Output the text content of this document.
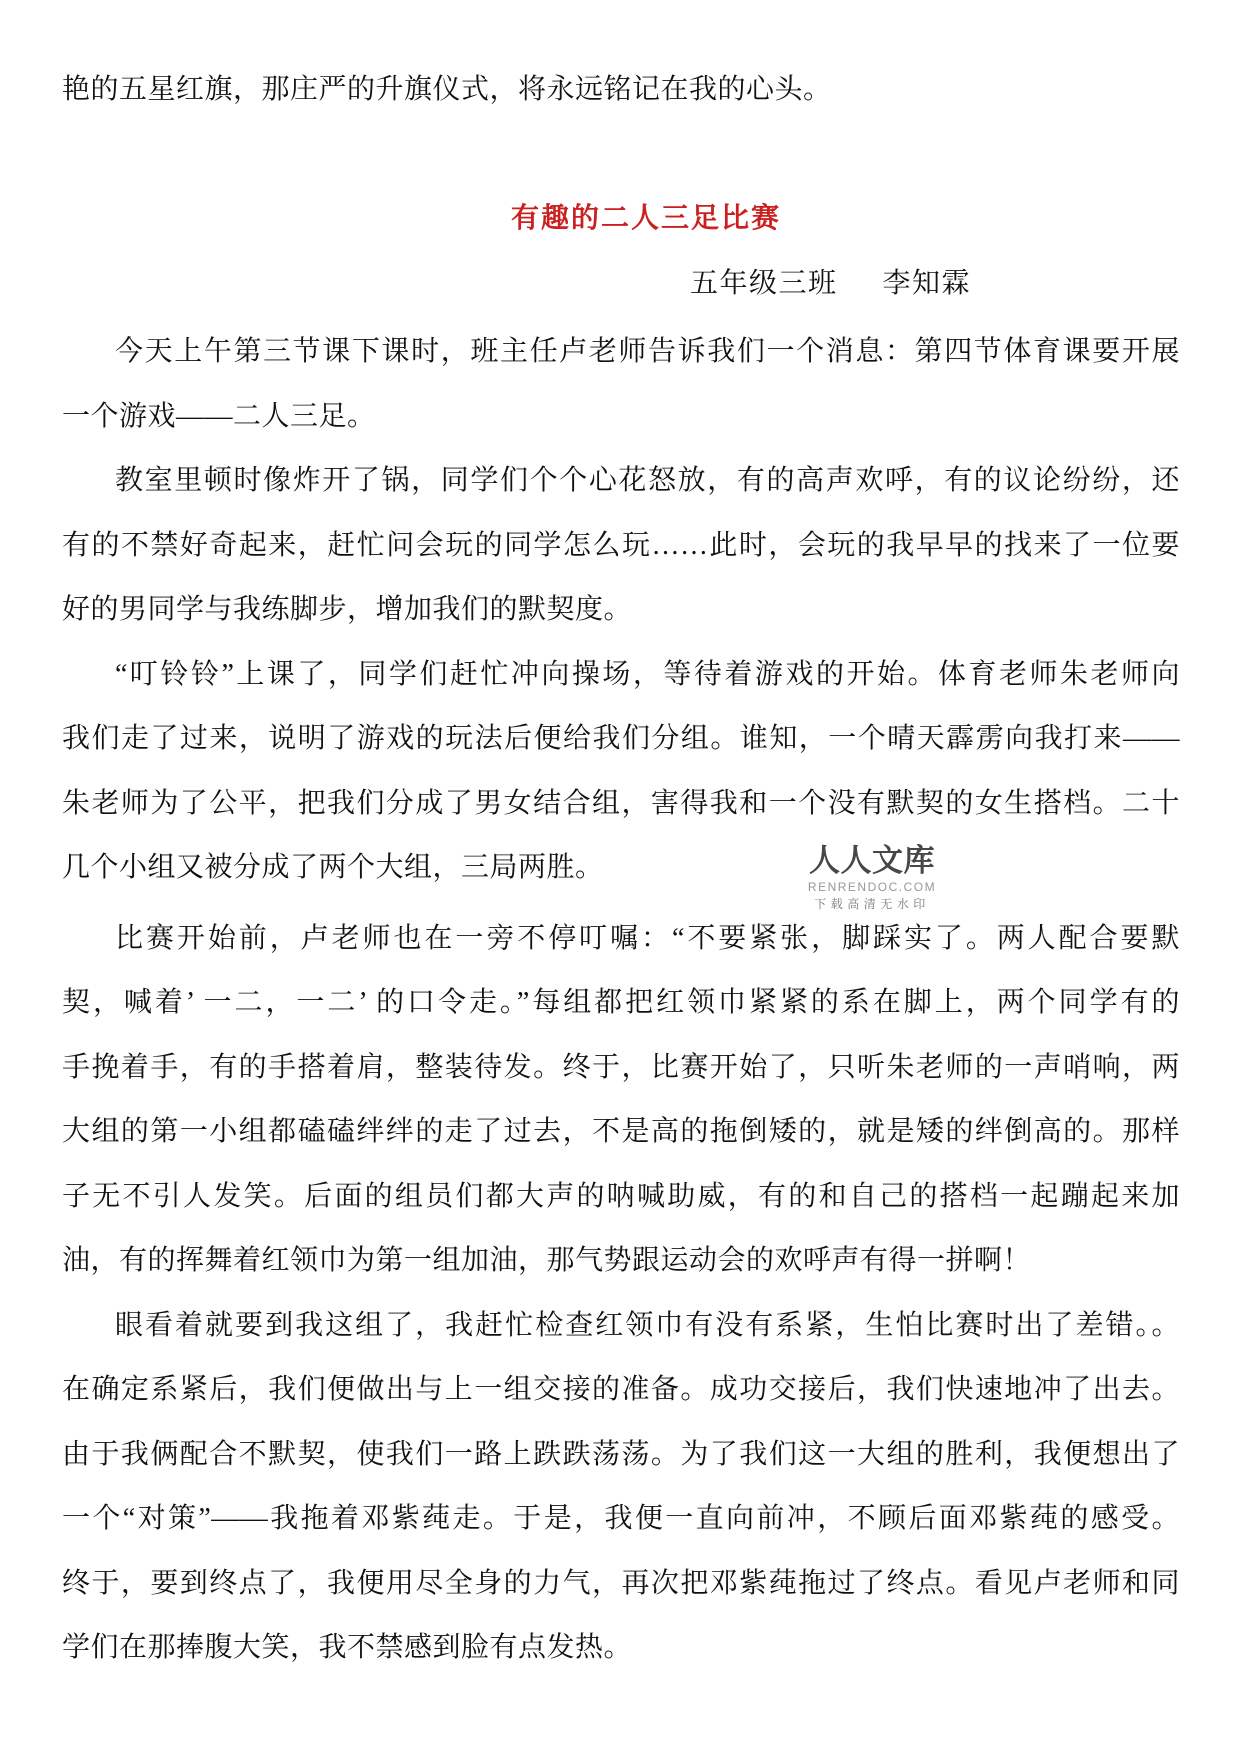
艳的五星红旗，那庄严的升旗仪式，将永远铭记在我的心头。
有趣的二人三足比赛
五年级三班 李知霖
今天上午第三节课下课时，班主任卢老师告诉我们一个消息：第四节体育课要开展
一个游戏——二人三足。
教室里顿时像炸开了锅，同学们个个心花怒放，有的高声欢呼，有的议论纷纷，还
有的不禁好奇起来，赶忙问会玩的同学怎么玩……此时，会玩的我早早的找来了一位要
好的男同学与我练脚步，增加我们的默契度。
“叮铃铃”上课了，同学们赶忙冲向操场，等待着游戏的开始。体育老师朱老师向
我们走了过来，说明了游戏的玩法后便给我们分组。谁知，一个晴天霹雳向我打来——
朱老师为了公平，把我们分成了男女结合组，害得我和一个没有默契的女生搭档。二十
几个小组又被分成了两个大组，三局两胜。
比赛开始前，卢老师也在一旁不停叮嘱：“不要紧张，脚踩实了。两人配合要默
契，喊着’ 一二，一二’ 的口令走。”每组都把红领巾紧紧的系在脚上，两个同学有的
手挽着手，有的手搭着肩，整装待发。终于，比赛开始了，只听朱老师的一声哨响，两
大组的第一小组都磕磕绊绊的走了过去，不是高的拖倒矮的，就是矮的绊倒高的。那样
子无不引人发笑。后面的组员们都大声的呐喊助威，有的和自己的搭档一起蹦起来加
油，有的挥舞着红领巾为第一组加油，那气势跟运动会的欢呼声有得一拼啊！
眼看着就要到我这组了，我赶忙检查红领巾有没有系紧，生怕比赛时出了差错。。
在确定系紧后，我们便做出与上一组交接的准备。成功交接后，我们快速地冲了出去。
由于我俩配合不默契，使我们一路上跌跌荡荡。为了我们这一大组的胜利，我便想出了
一个“对策”——我拖着邓紫莼走。于是，我便一直向前冲，不顾后面邓紫莼的感受。
终于，要到终点了，我便用尽全身的力气，再次把邓紫莼拖过了终点。看见卢老师和同
学们在那捧腹大笑，我不禁感到脸有点发热。
人人文库
RENRENDOC.COM
下载高清无水印
